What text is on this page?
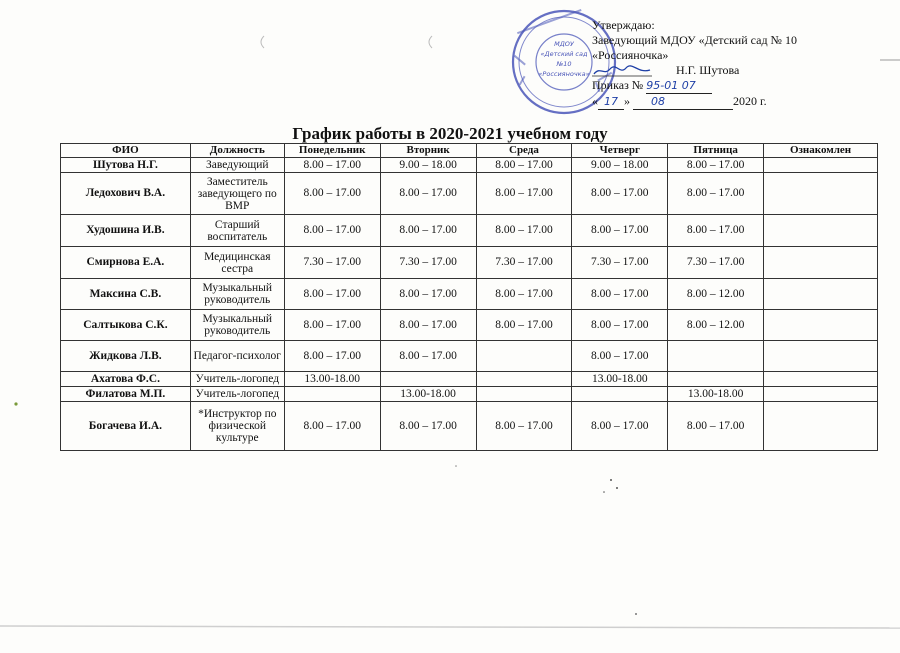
МДОУ
«Детский сад
№10
«Россияночка»
Утверждаю:
Заведующий МДОУ «Детский сад № 10
«Россияночка»
Н.Г. Шутова
Приказ № 95-01 07
« 17 » 08	2020 г.
График работы в 2020-2021 учебном году
ФИО	Должность	Понедельник	Вторник	Среда	Четверг	Пятница	Ознакомлен
Шутова Н.Г.	Заведующий	8.00 – 17.00	9.00 – 18.00	8.00 – 17.00	9.00 – 18.00	8.00 – 17.00	
Ледохович В.А.	Заместитель заведующего по ВМР	8.00 – 17.00	8.00 – 17.00	8.00 – 17.00	8.00 – 17.00	8.00 – 17.00	
Худошина И.В.	Старший воспитатель	8.00 – 17.00	8.00 – 17.00	8.00 – 17.00	8.00 – 17.00	8.00 – 17.00	
Смирнова Е.А.	Медицинская сестра	7.30 – 17.00	7.30 – 17.00	7.30 – 17.00	7.30 – 17.00	7.30 – 17.00	
Максина С.В.	Музыкальный руководитель	8.00 – 17.00	8.00 – 17.00	8.00 – 17.00	8.00 – 17.00	8.00 – 12.00	
Салтыкова С.К.	Музыкальный руководитель	8.00 – 17.00	8.00 – 17.00	8.00 – 17.00	8.00 – 17.00	8.00 – 12.00	
Жидкова Л.В.	Педагог-психолог	8.00 – 17.00	8.00 – 17.00		8.00 – 17.00		
Ахатова Ф.С.	Учитель-логопед	13.00-18.00			13.00-18.00		
Филатова М.П.	Учитель-логопед		13.00-18.00			13.00-18.00	
Богачева И.А.	*Инструктор по физической культуре	8.00 – 17.00	8.00 – 17.00	8.00 – 17.00	8.00 – 17.00	8.00 – 17.00	
